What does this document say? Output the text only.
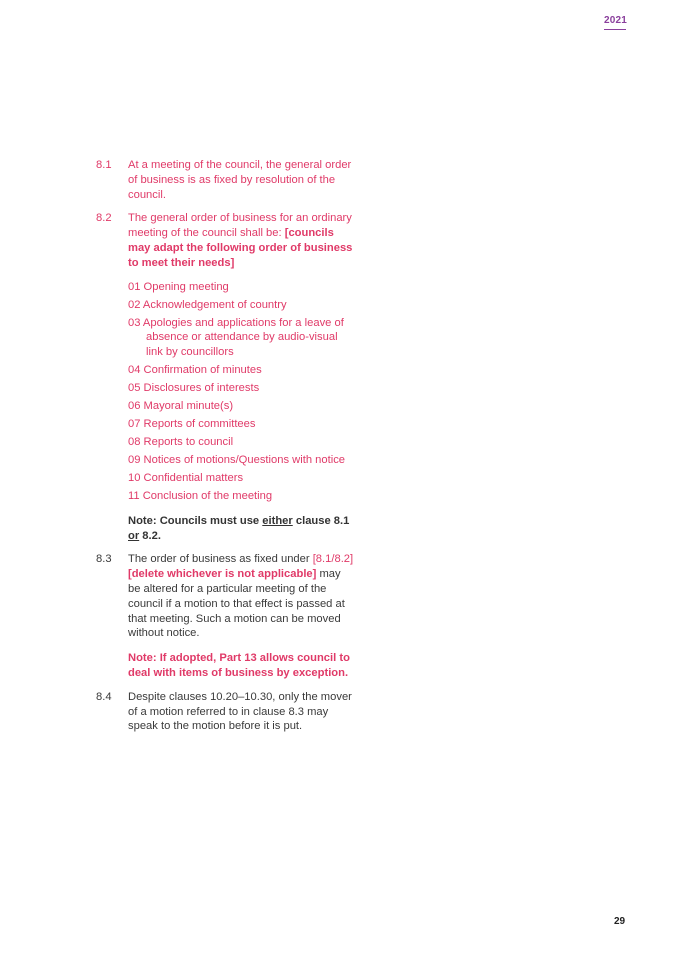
2021
8.1	At a meeting of the council, the general order of business is as fixed by resolution of the council.

8.2	The general order of business for an ordinary meeting of the council shall be: [councils may adapt the following order of business to meet their needs]

01 Opening meeting
02 Acknowledgement of country
03 Apologies and applications for a leave of absence or attendance by audio-visual link by councillors
04 Confirmation of minutes
05 Disclosures of interests
06 Mayoral minute(s)
07 Reports of committees
08 Reports to council
09 Notices of motions/Questions with notice
10 Confidential matters
11 Conclusion of the meeting

Note: Councils must use either clause 8.1 or 8.2.

8.3	The order of business as fixed under [8.1/8.2] [delete whichever is not applicable] may be altered for a particular meeting of the council if a motion to that effect is passed at that meeting. Such a motion can be moved without notice.

Note: If adopted, Part 13 allows council to deal with items of business by exception.

8.4	Despite clauses 10.20–10.30, only the mover of a motion referred to in clause 8.3 may speak to the motion before it is put.

29
